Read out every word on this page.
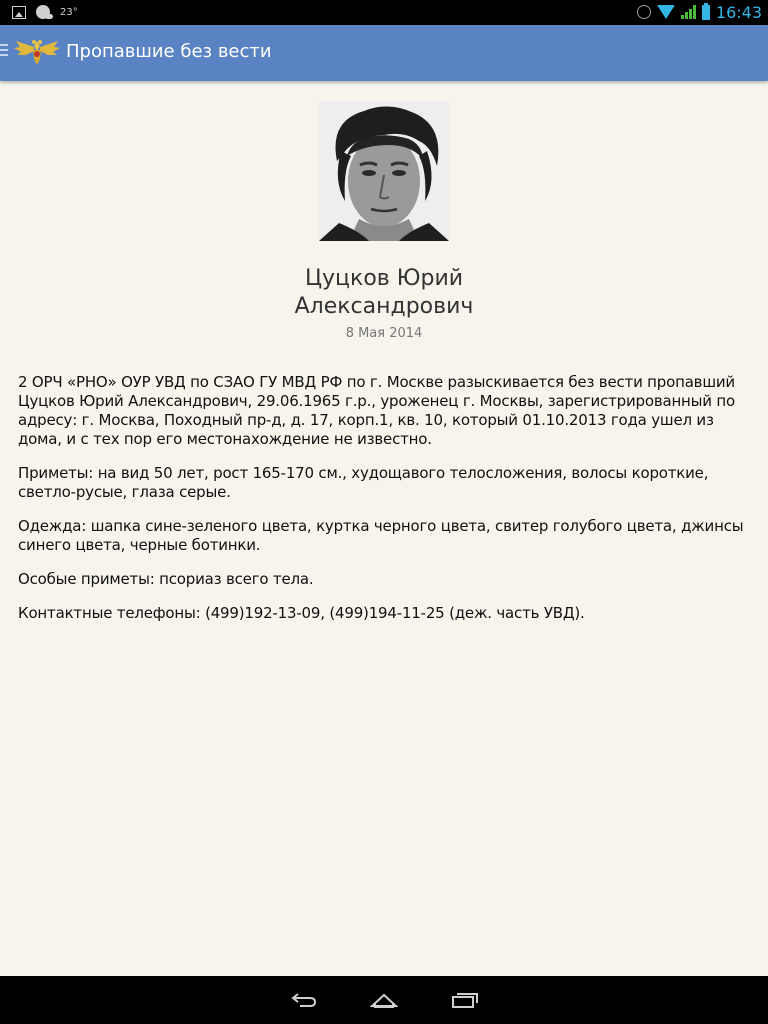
23°	16:43
Пропавшие без вести
Цуцков Юрий
Александрович
8 Мая 2014

2 ОРЧ «РНО» ОУР УВД по СЗАО ГУ МВД РФ по г. Москве разыскивается без вести пропавший Цуцков Юрий Александрович, 29.06.1965 г.р., уроженец г. Москвы, зарегистрированный по адресу: г. Москва, Походный пр-д, д. 17, корп.1, кв. 10, который 01.10.2013 года ушел из дома, и с тех пор его местонахождение не известно.

Приметы: на вид 50 лет, рост 165-170 см., худощавого телосложения, волосы короткие, светло-русые, глаза серые.

Одежда: шапка сине-зеленого цвета, куртка черного цвета, свитер голубого цвета, джинсы синего цвета, черные ботинки.

Особые приметы: псориаз всего тела.

Контактные телефоны: (499)192-13-09, (499)194-11-25 (деж. часть УВД).
